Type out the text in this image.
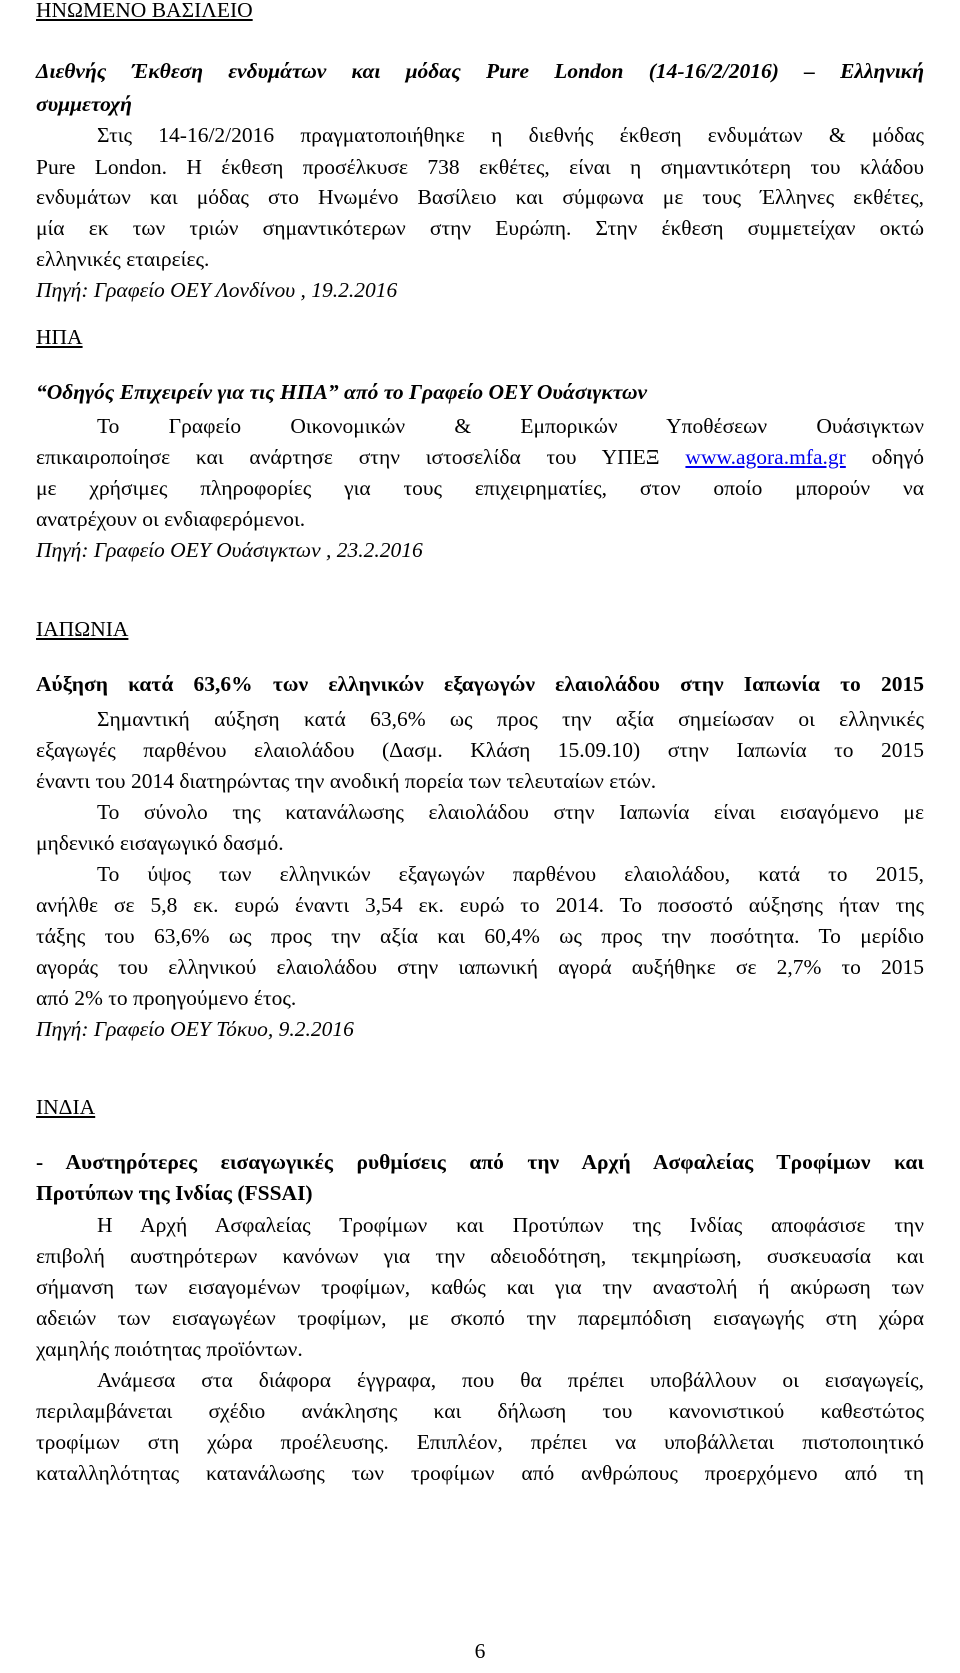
ΗΝΩΜΕΝΟ ΒΑΣΙΛΕΙΟ

Διεθνής Έκθεση ενδυμάτων και μόδας Pure London (14-16/2/2016) – Ελληνική

συμμετοχή

Στις 14-16/2/2016 πραγματοποιήθηκε η διεθνής έκθεση ενδυμάτων & μόδας

Pure London. Η έκθεση προσέλκυσε 738 εκθέτες, είναι η σημαντικότερη του κλάδου

ενδυμάτων και μόδας στο Ηνωμένο Βασίλειο και σύμφωνα με τους Έλληνες εκθέτες,

μία εκ των τριών σημαντικότερων στην Ευρώπη. Στην έκθεση συμμετείχαν οκτώ

ελληνικές εταιρείες.

Πηγή: Γραφείο ΟΕΥ Λονδίνου , 19.2.2016

ΗΠΑ

“Οδηγός Επιχειρείν για τις ΗΠΑ” από το Γραφείο ΟΕΥ Ουάσιγκτων

Το Γραφείο Οικονομικών & Εμπορικών Υποθέσεων Ουάσιγκτων

επικαιροποίησε και ανάρτησε στην ιστοσελίδα του ΥΠΕΞ www.agora.mfa.gr οδηγό

με χρήσιμες πληροφορίες για τους επιχειρηματίες, στον οποίο μπορούν να

ανατρέχουν οι ενδιαφερόμενοι.

Πηγή: Γραφείο ΟΕΥ Ουάσιγκτων , 23.2.2016

ΙΑΠΩΝΙΑ

Αύξηση κατά 63,6% των ελληνικών εξαγωγών ελαιολάδου στην Ιαπωνία το 2015

Σημαντική αύξηση κατά 63,6% ως προς την αξία σημείωσαν οι ελληνικές

εξαγωγές παρθένου ελαιολάδου (Δασμ. Κλάση 15.09.10) στην Ιαπωνία το 2015

έναντι του 2014 διατηρώντας την ανοδική πορεία των τελευταίων ετών.

Το σύνολο της κατανάλωσης ελαιολάδου στην Ιαπωνία είναι εισαγόμενο με

μηδενικό εισαγωγικό δασμό.

Το ύψος των ελληνικών εξαγωγών παρθένου ελαιολάδου, κατά το 2015,

ανήλθε σε 5,8 εκ. ευρώ έναντι 3,54 εκ. ευρώ το 2014. Το ποσοστό αύξησης ήταν της

τάξης του 63,6% ως προς την αξία και 60,4% ως προς την ποσότητα. Το μερίδιο

αγοράς του ελληνικού ελαιολάδου στην ιαπωνική αγορά αυξήθηκε σε 2,7% το 2015

από 2% το προηγούμενο έτος.

Πηγή: Γραφείο ΟΕΥ Τόκυο, 9.2.2016

ΙΝΔΙΑ

- Αυστηρότερες εισαγωγικές ρυθμίσεις από την Αρχή Ασφαλείας Τροφίμων και

Προτύπων της Ινδίας (FSSAI)

Η Αρχή Ασφαλείας Τροφίμων και Προτύπων της Ινδίας αποφάσισε την

επιβολή αυστηρότερων κανόνων για την αδειοδότηση, τεκμηρίωση, συσκευασία και

σήμανση των εισαγομένων τροφίμων, καθώς και για την αναστολή ή ακύρωση των

αδειών των εισαγωγέων τροφίμων, με σκοπό την παρεμπόδιση εισαγωγής στη χώρα

χαμηλής ποιότητας προϊόντων.

Ανάμεσα στα διάφορα έγγραφα, που θα πρέπει υποβάλλουν οι εισαγωγείς,

περιλαμβάνεται σχέδιο ανάκλησης και δήλωση του κανονιστικού καθεστώτος

τροφίμων στη χώρα προέλευσης. Επιπλέον, πρέπει να υποβάλλεται πιστοποιητικό

καταλληλότητας κατανάλωσης των τροφίμων από ανθρώπους προερχόμενο από τη

6
